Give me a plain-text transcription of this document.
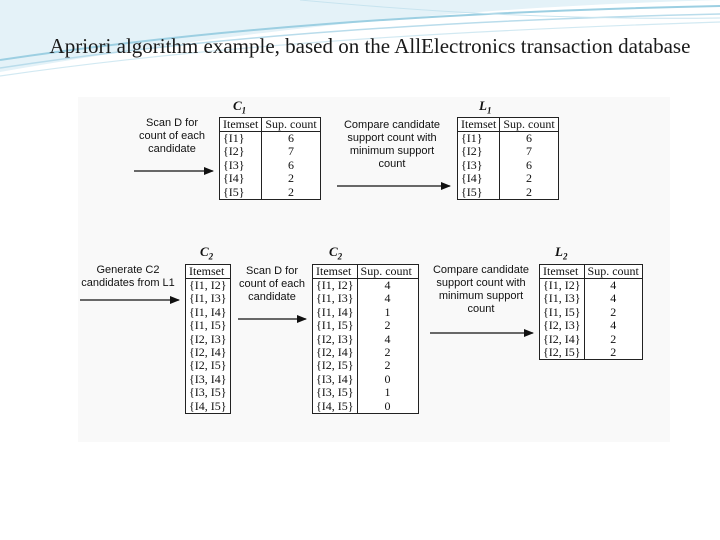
Apriori algorithm example, based on the AllElectronics transaction database
Scan D for count of each candidate
$C_1$
Itemset	Sup. count
{I1}	6
{I2}	7
{I3}	6
{I4}	2
{I5}	2
Compare candidate support count with minimum support count
$L_1$
Itemset	Sup. count
{I1}	6
{I2}	7
{I3}	6
{I4}	2
{I5}	2
Generate C2 candidates from L1
$C_2$
Itemset
{I1, I2}
{I1, I3}
{I1, I4}
{I1, I5}
{I2, I3}
{I2, I4}
{I2, I5}
{I3, I4}
{I3, I5}
{I4, I5}
Scan D for count of each candidate
$C_2$
Itemset	Sup. count
{I1, I2}	4
{I1, I3}	4
{I1, I4}	1
{I1, I5}	2
{I2, I3}	4
{I2, I4}	2
{I2, I5}	2
{I3, I4}	0
{I3, I5}	1
{I4, I5}	0
Compare candidate support count with minimum support count
$L_2$
Itemset	Sup. count
{I1, I2}	4
{I1, I3}	4
{I1, I5}	2
{I2, I3}	4
{I2, I4}	2
{I2, I5}	2
